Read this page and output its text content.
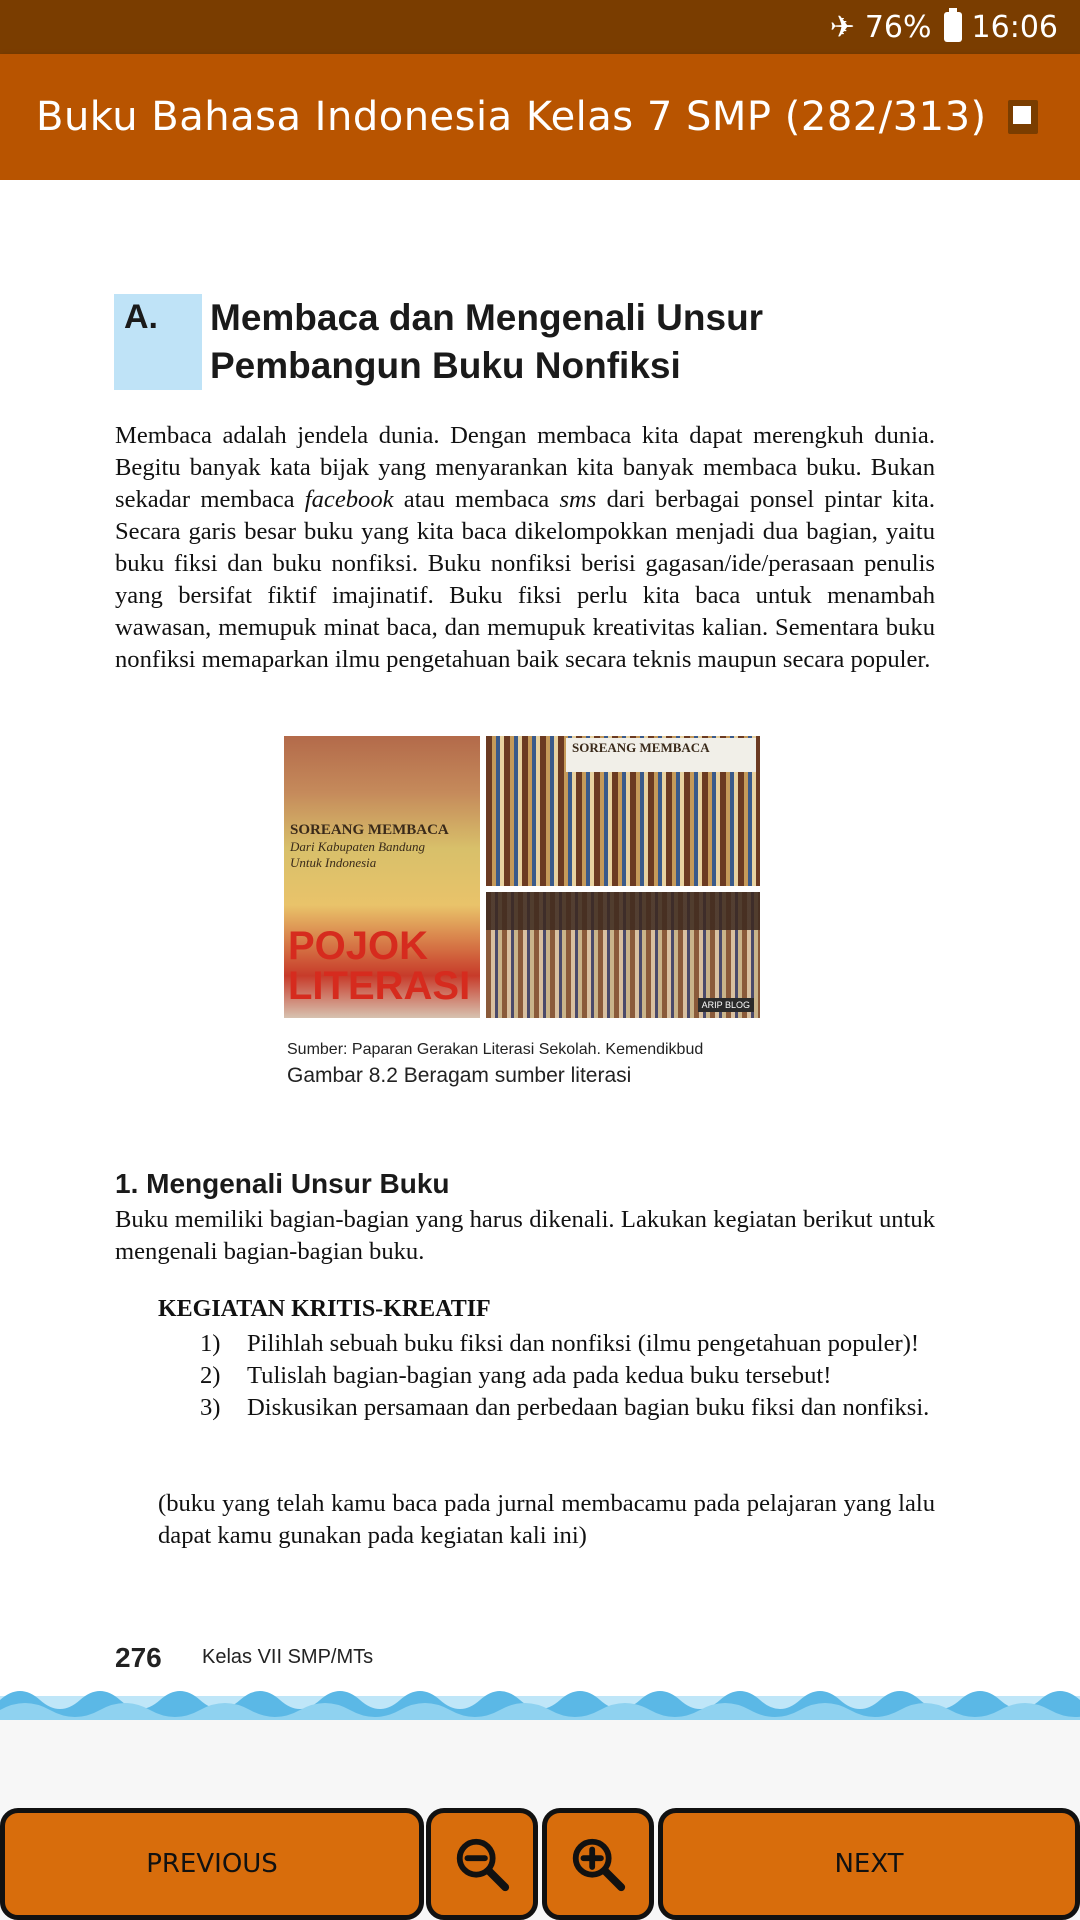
✈ 76% 16:06
Buku Bahasa Indonesia Kelas 7 SMP (282/313)
A. Membaca dan Mengenali Unsur
Pembangun Buku Nonfiksi

Membaca adalah jendela dunia. Dengan membaca kita dapat merengkuh dunia. Begitu banyak kata bijak yang menyarankan kita banyak membaca buku. Bukan sekadar membaca facebook atau membaca sms dari berbagai ponsel pintar kita. Secara garis besar buku yang kita baca dikelompokkan menjadi dua bagian, yaitu buku fiksi dan buku nonfiksi. Buku nonfiksi berisi gagasan/ide/perasaan penulis yang bersifat fiktif imajinatif. Buku fiksi perlu kita baca untuk menambah wawasan, memupuk minat baca, dan memupuk kreativitas kalian. Sementara buku nonfiksi memaparkan ilmu pengetahuan baik secara teknis maupun secara populer.

SOREANG MEMBACA
Dari Kabupaten Bandung
Untuk Indonesia
POJOK
LITERASI
SOREANG MEMBACA
ARIP BLOG
Sumber: Paparan Gerakan Literasi Sekolah. Kemendikbud
Gambar 8.2 Beragam sumber literasi
1. Mengenali Unsur Buku

Buku memiliki bagian-bagian yang harus dikenali. Lakukan kegiatan berikut untuk mengenali bagian-bagian buku.

KEGIATAN KRITIS-KREATIF
1) Pilihlah sebuah buku fiksi dan nonfiksi (ilmu pengetahuan populer)!
2) Tulislah bagian-bagian yang ada pada kedua buku tersebut!
3) Diskusikan persamaan dan perbedaan bagian buku fiksi dan nonfiksi.

(buku yang telah kamu baca pada jurnal membacamu pada pelajaran yang lalu dapat kamu gunakan pada kegiatan kali ini)

276 Kelas VII SMP/MTs
PREVIOUS	NEXT
